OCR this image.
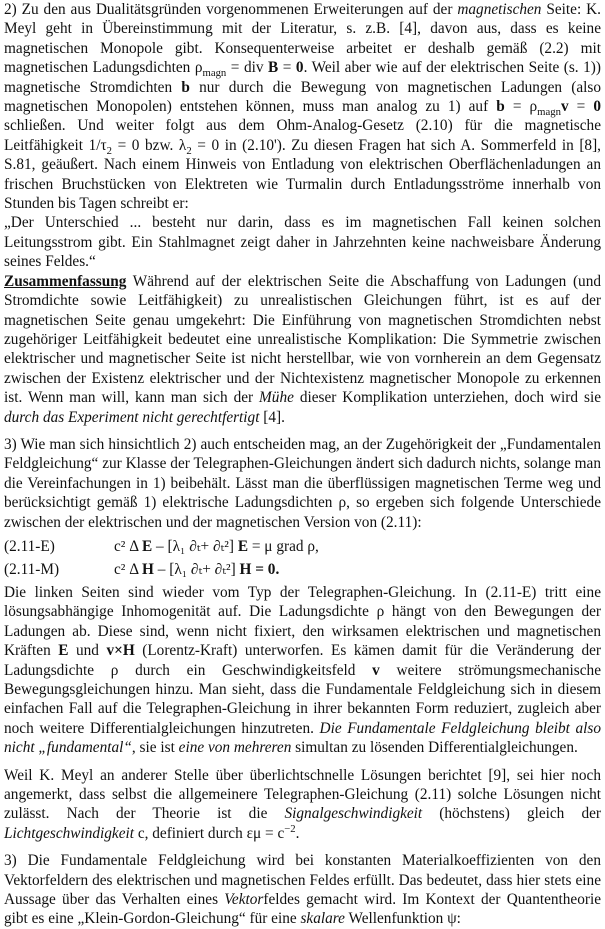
2) Zu den aus Dualitätsgründen vorgenommenen Erweiterungen auf der magnetischen Seite: K. Meyl geht in Übereinstimmung mit der Literatur, s. z.B. [4], davon aus, dass es keine magnetischen Monopole gibt. Konsequenterweise arbeitet er deshalb gemäß (2.2) mit magnetischen Ladungsdichten $\rho_{magn}$ = div B = 0. Weil aber wie auf der elektrischen Seite (s. 1)) magnetische Stromdichten b nur durch die Bewegung von magnetischen Ladungen (also magnetischen Monopolen) entstehen können, muss man analog zu 1) auf $b = \rho_{magn}v = 0$ schließen. Und weiter folgt aus dem Ohm-Analog-Gesetz (2.10) für die magnetische Leitfähigkeit $1/\tau_2 = 0$ bzw. $\lambda_2 = 0$ in (2.10'). Zu diesen Fragen hat sich A. Sommerfeld in [8], S.81, geäußert. Nach einem Hinweis von Entladung von elektrischen Oberflächenladungen an frischen Bruchstücken von Elektreten wie Turmalin durch Entladungsströme innerhalb von Stunden bis Tagen schreibt er:

„Der Unterschied ... besteht nur darin, dass es im magnetischen Fall keinen solchen Leitungsstrom gibt. Ein Stahlmagnet zeigt daher in Jahrzehnten keine nachweisbare Änderung seines Feldes.“

Zusammenfassung Während auf der elektrischen Seite die Abschaffung von Ladungen (und Stromdichte sowie Leitfähigkeit) zu unrealistischen Gleichungen führt, ist es auf der magnetischen Seite genau umgekehrt: Die Einführung von magnetischen Stromdichten nebst zugehöriger Leitfähigkeit bedeutet eine unrealistische Komplikation: Die Symmetrie zwischen elektrischer und magnetischer Seite ist nicht herstellbar, wie von vornherein an dem Gegensatz zwischen der Existenz elektrischer und der Nichtexistenz magnetischer Monopole zu erkennen ist. Wenn man will, kann man sich der Mühe dieser Komplikation unterziehen, doch wird sie durch das Experiment nicht gerechtfertigt [4].

3) Wie man sich hinsichtlich 2) auch entscheiden mag, an der Zugehörigkeit der „Fundamentalen Feldgleichung“ zur Klasse der Telegraphen-Gleichungen ändert sich dadurch nichts, solange man die Vereinfachungen in 1) beibehält. Lässt man die überflüssigen magnetischen Terme weg und berücksichtigt gemäß 1) elektrische Ladungsdichten ρ, so ergeben sich folgende Unterschiede zwischen der elektrischen und der magnetischen Version von (2.11):

(2.11-E)	c² Δ E – [λ₁ ∂ₜ+ ∂ₜ²] E = μ grad ρ,
(2.11-M)	c² Δ H – [λ₁ ∂ₜ+ ∂ₜ²] H = 0.

Die linken Seiten sind wieder vom Typ der Telegraphen-Gleichung. In (2.11-E) tritt eine lösungsabhängige Inhomogenität auf. Die Ladungsdichte ρ hängt von den Bewegungen der Ladungen ab. Diese sind, wenn nicht fixiert, den wirksamen elektrischen und magnetischen Kräften E und v×H (Lorentz-Kraft) unterworfen. Es kämen damit für die Veränderung der Ladungsdichte ρ durch ein Geschwindigkeitsfeld v weitere strömungsmechanische Bewegungsgleichungen hinzu. Man sieht, dass die Fundamentale Feldgleichung sich in diesem einfachen Fall auf die Telegraphen-Gleichung in ihrer bekannten Form reduziert, zugleich aber noch weitere Differentialgleichungen hinzutreten. Die Fundamentale Feldgleichung bleibt also nicht „fundamental“, sie ist eine von mehreren simultan zu lösenden Differentialgleichungen.

Weil K. Meyl an anderer Stelle über überlichtschnelle Lösungen berichtet [9], sei hier noch angemerkt, dass selbst die allgemeinere Telegraphen-Gleichung (2.11) solche Lösungen nicht zulässt. Nach der Theorie ist die Signalgeschwindigkeit (höchstens) gleich der Lichtgeschwindigkeit c, definiert durch $\varepsilon\mu = c^{-2}$.

3) Die Fundamentale Feldgleichung wird bei konstanten Materialkoeffizienten von den Vektorfeldern des elektrischen und magnetischen Feldes erfüllt. Das bedeutet, dass hier stets eine Aussage über das Verhalten eines Vektorfeldes gemacht wird. Im Kontext der Quantentheorie gibt es eine „Klein-Gordon-Gleichung“ für eine skalare Wellenfunktion ψ:
